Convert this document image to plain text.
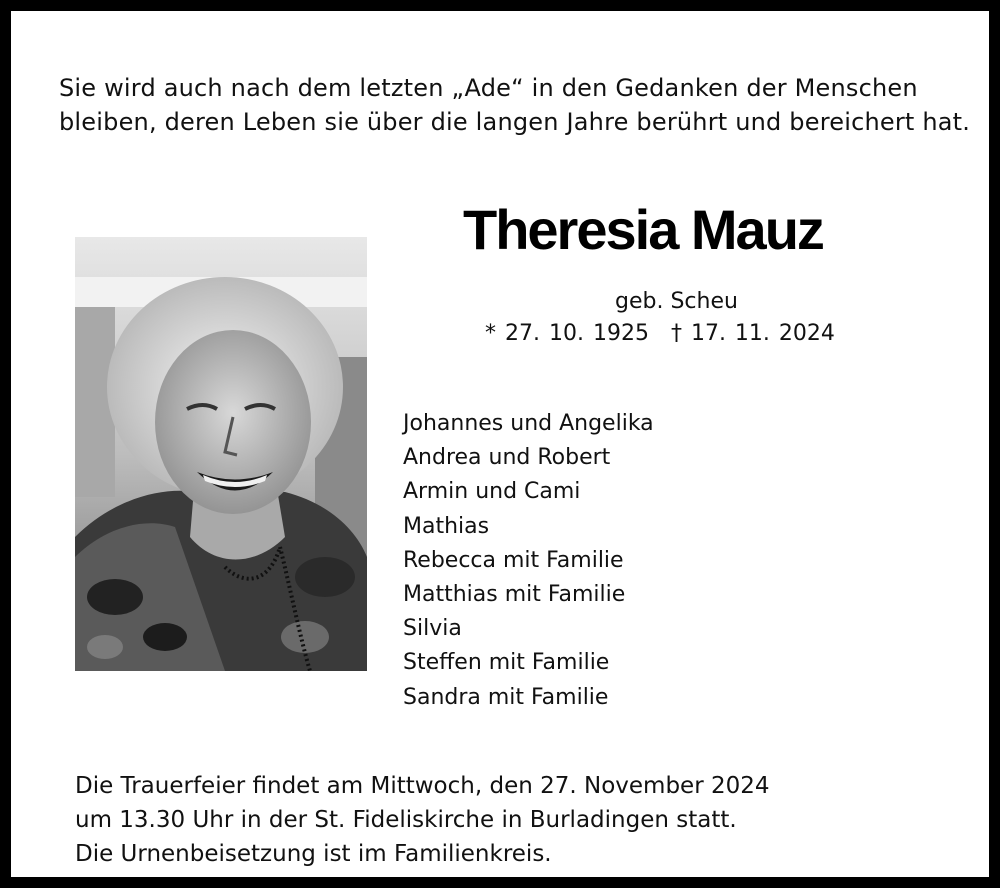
Sie wird auch nach dem letzten „Ade“ in den Gedanken der Menschen
bleiben, deren Leben sie über die langen Jahre berührt und bereichert hat.
Theresia Mauz
geb. Scheu
* 27. 10. 1925 † 17. 11. 2024
Johannes und Angelika
Andrea und Robert
Armin und Cami
Mathias
Rebecca mit Familie
Matthias mit Familie
Silvia
Steffen mit Familie
Sandra mit Familie
Die Trauerfeier findet am Mittwoch, den 27. November 2024
um 13.30 Uhr in der St. Fideliskirche in Burladingen statt.
Die Urnenbeisetzung ist im Familienkreis.
